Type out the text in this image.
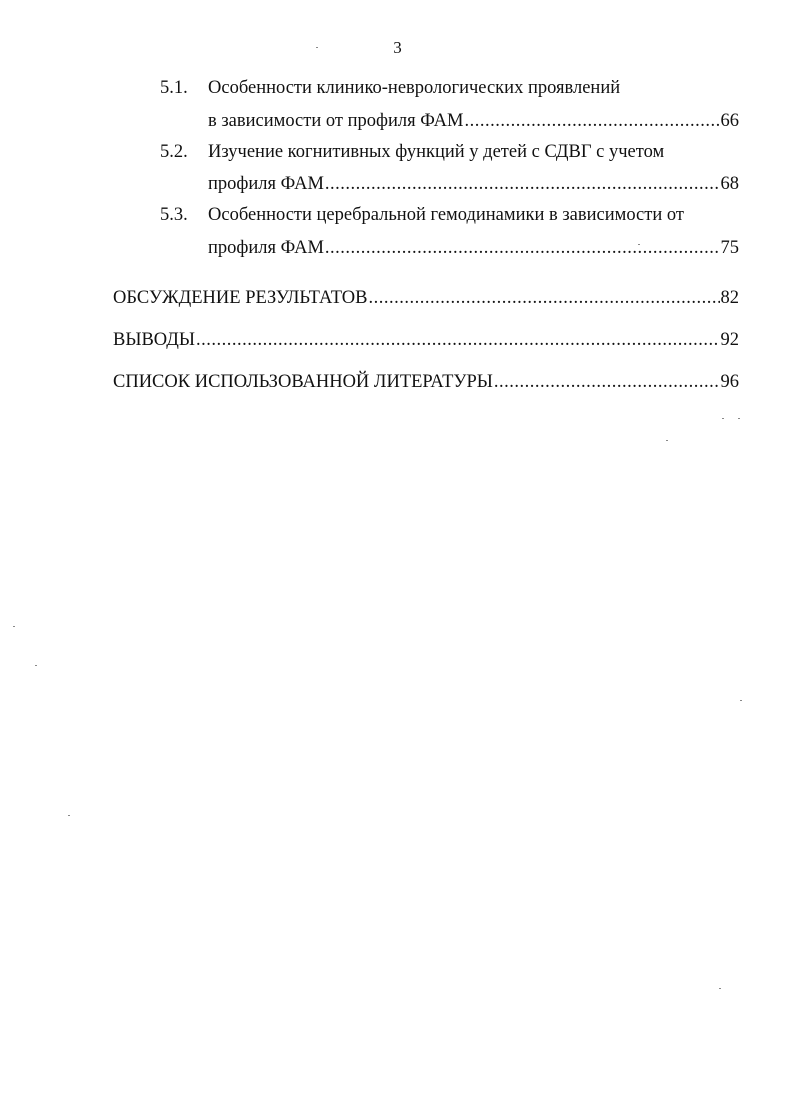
3
5.1. Особенности клинико-неврологических проявлений
в зависимости от профиля ФАМ .....	66
5.2. Изучение когнитивных функций у детей с СДВГ с учетом
профиля ФАМ .....	68
5.3. Особенности церебральной гемодинамики в зависимости от
профиля ФАМ .....	75
ОБСУЖДЕНИЕ РЕЗУЛЬТАТОВ .....	82
ВЫВОДЫ .....	92
СПИСОК ИСПОЛЬЗОВАННОЙ ЛИТЕРАТУРЫ .....	96
